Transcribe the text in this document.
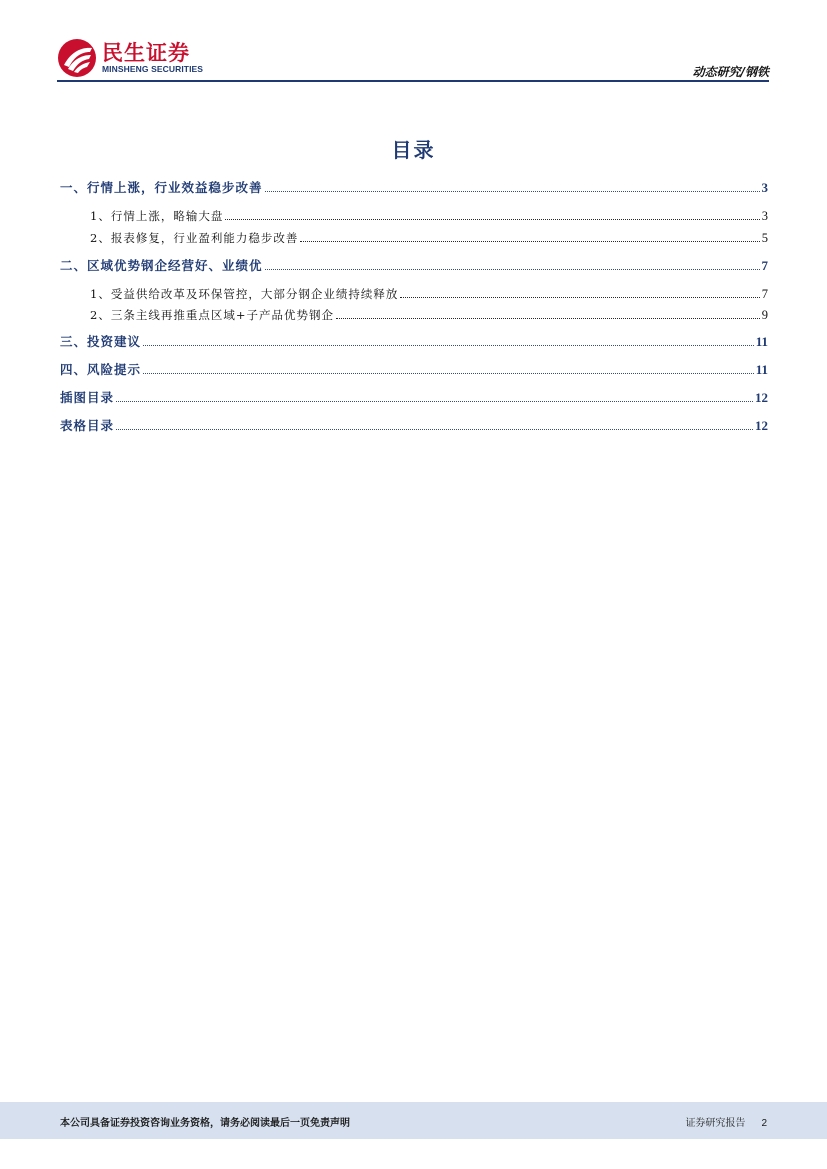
民生证券
MINSHENG SECURITIES	动态研究/钢铁
目录
一、行情上涨，行业效益稳步改善	3
1、行情上涨，略输大盘	3
2、报表修复，行业盈利能力稳步改善	5
二、区域优势钢企经营好、业绩优	7
1、受益供给改革及环保管控，大部分钢企业绩持续释放	7
2、三条主线再推重点区域+子产品优势钢企	9
三、投资建议	11
四、风险提示	11
插图目录	12
表格目录	12
本公司具备证券投资咨询业务资格，请务必阅读最后一页免责声明	证券研究报告 2
